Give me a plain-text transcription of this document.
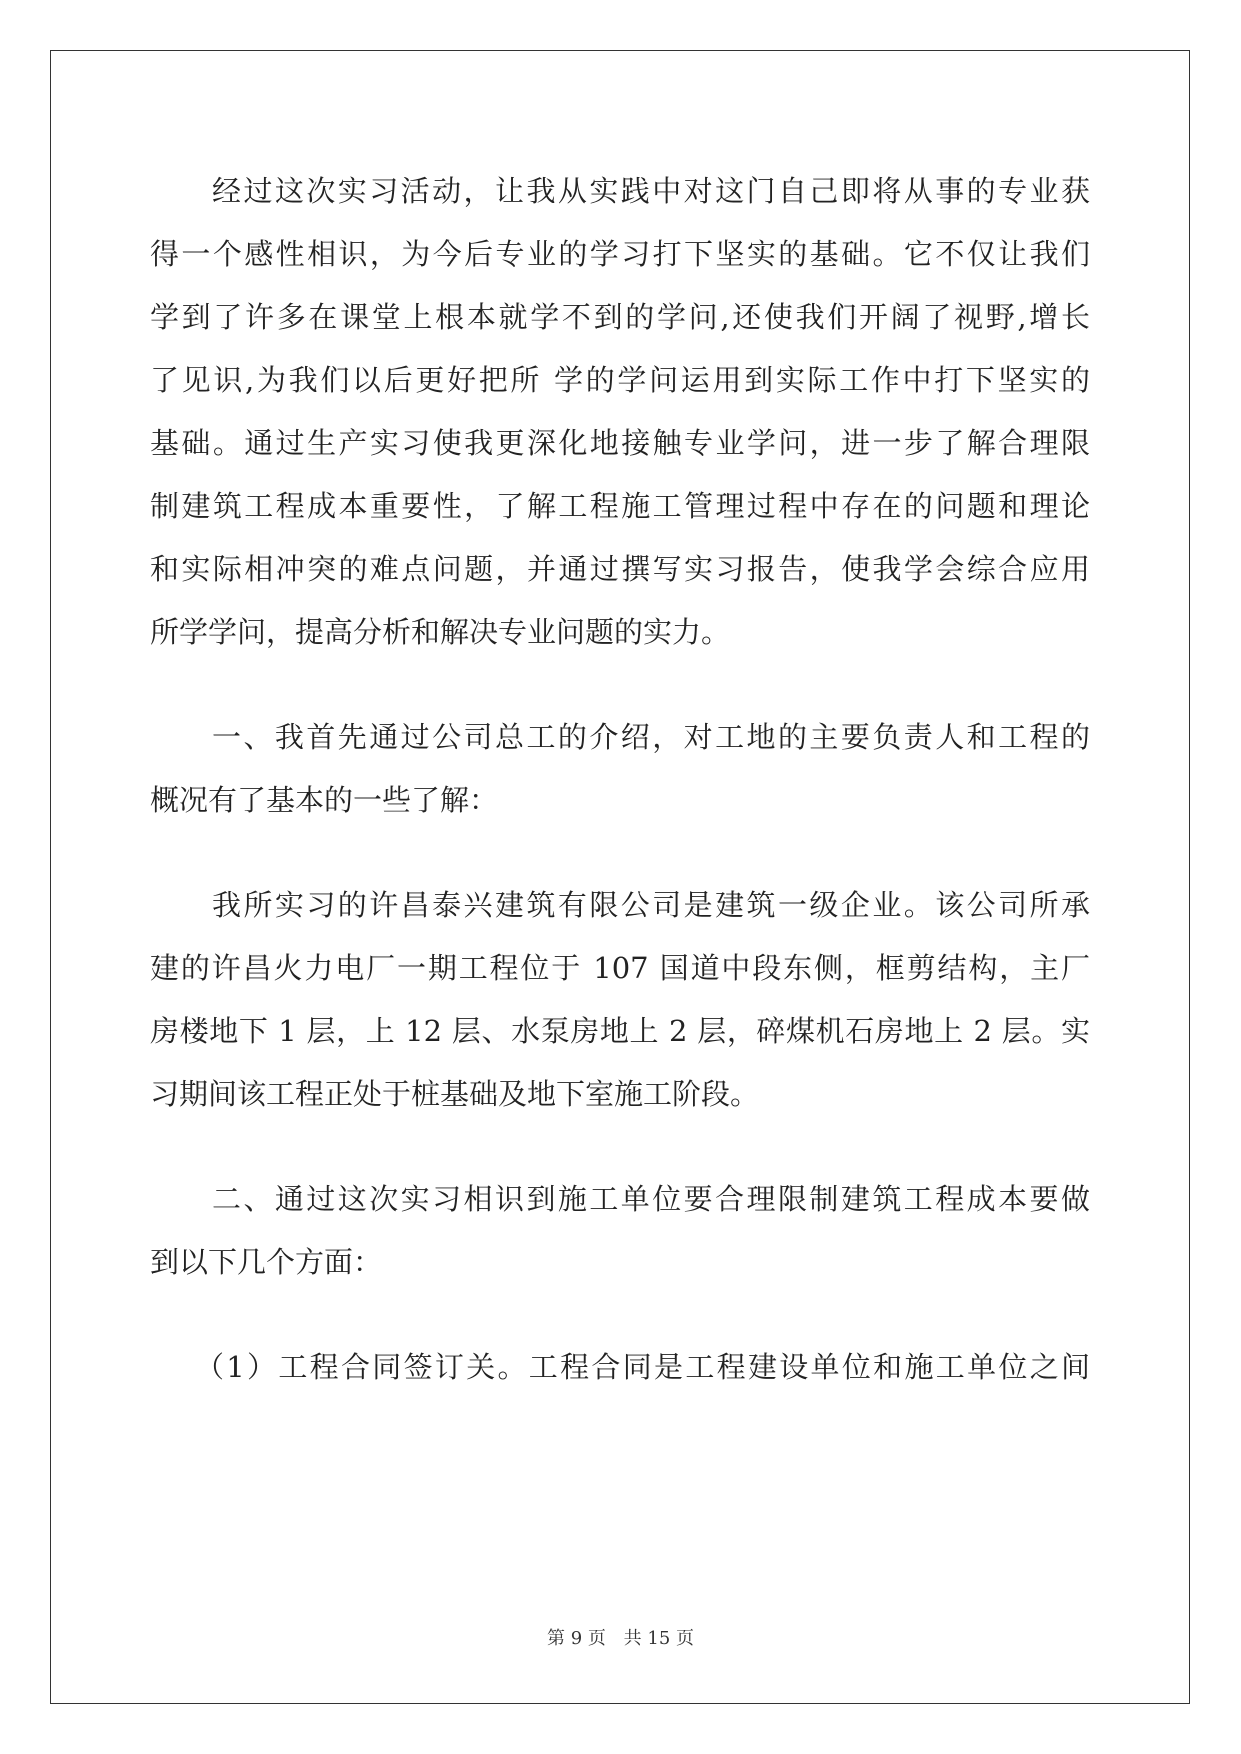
经过这次实习活动，让我从实践中对这门自己即将从事的专业获
得一个感性相识，为今后专业的学习打下坚实的基础。它不仅让我们
学到了许多在课堂上根本就学不到的学问,还使我们开阔了视野,增长
了见识,为我们以后更好把所 学的学问运用到实际工作中打下坚实的
基础。通过生产实习使我更深化地接触专业学问，进一步了解合理限
制建筑工程成本重要性，了解工程施工管理过程中存在的问题和理论
和实际相冲突的难点问题，并通过撰写实习报告，使我学会综合应用
所学学问，提高分析和解决专业问题的实力。
一、我首先通过公司总工的介绍，对工地的主要负责人和工程的
概况有了基本的一些了解：
我所实习的许昌泰兴建筑有限公司是建筑一级企业。该公司所承
建的许昌火力电厂一期工程位于 107 国道中段东侧，框剪结构，主厂
房楼地下 1 层，上 12 层、水泵房地上 2 层，碎煤机石房地上 2 层。实
习期间该工程正处于桩基础及地下室施工阶段。
二、通过这次实习相识到施工单位要合理限制建筑工程成本要做
到以下几个方面：
（1）工程合同签订关。工程合同是工程建设单位和施工单位之间
第 9 页 共 15 页
